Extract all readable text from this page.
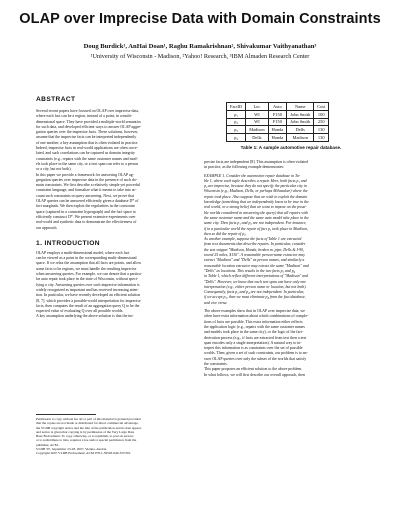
OLAP over Imprecise Data with Domain Constraints
Doug Burdick¹, AnHai Doan¹, Raghu Ramakrishnan², Shivakumar Vaithyanathan³
¹University of Wisconsin - Madison, ²Yahoo! Research, ³IBM Almaden Research Center
ABSTRACT
Several recent papers have focused on OLAP over imprecise data,
where each fact can be a region, instead of a point, in a multi-
dimensional space. They have provided a multiple-world semantics
for such data, and developed efficient ways to answer OLAP aggre-
gation queries over the imprecise facts. These solutions, however,
assume that the imprecise facts can be interpreted independently
of one another, a key assumption that is often violated in practice.
Indeed, imprecise facts in real-world applications are often corre-
lated, and such correlations can be captured as domain integrity
constraints (e.g., repairs with the same customer names and mod-
els took place in the same city, or a text span can refer to a person
or a city, but not both).
In this paper we provide a framework for answering OLAP ag-
gregation queries over imprecise data in the presence of such do-
main constraints. We first describe a relatively simple yet powerful
constraint language, and formalize what it means to take into ac-
count such constraints in query answering. Next, we prove that
OLAP queries can be answered efficiently given a database D* of
fact marginals. We then exploit the regularities in the constraint
space (captured in a constraint hypergraph) and the fact space to
efficiently construct D*. We present extensive experiments over
real-world and synthetic data to demonstrate the effectiveness of
our approach.
1. INTRODUCTION
OLAP employs a multi-dimensional model, where each fact
can be viewed as a point in the corresponding multi-dimensional
space. If we relax the assumption that all facts are points, and allow
some facts to be regions, we must handle the resulting imprecise
when answering queries. For example, we can denote that a particu-
lar auto repair took place in the state of Wisconsin, without speci-
fying a city. Answering queries over such imprecise information is
widely recognized as important and has received increasing atten-
tion. In particular, we have recently developed an efficient solution
[8, 7], which provides a possible-world interpretation for imprecise
facts, then computes the result of an aggregation query Q to be the
expected value of evaluating Q over all possible worlds.
A key assumption underlying the above solution is that the im-
Permission to copy without fee all or part of this material is granted provided
that the copies are not made or distributed for direct commercial advantage,
the VLDB copyright notice and the title of the publication and its date appear,
and notice is given that copying is by permission of the Very Large Data
Base Endowment. To copy otherwise, or to republish, to post on servers
or to redistribute to lists, requires a fee and/or special permission from the
publisher, ACM.
VLDB '07, September 23-28, 2007, Vienna, Austria.
Copyright 2007 VLDB Endowment, ACM 978-1-59593-649-3/07/09.
FactID	Loc	Auto	Name	Cost
p₁	WI	F150	John Smith	100
p₂	WI	F150	John Smith	250
p₃	Madison	Honda	Dells	130
p₄	Dells	Honda	Madison	130
Table 1: A sample automotive repair database.
precise facts are independent [8]. This assumption is often violated
in practice, as the following example demonstrates:
EXAMPLE 1. Consider the automotive repair database in Ta-
ble 1, where each tuple describes a repair. Here, both facts p₁ and
p₂ are imprecise, because they do not specify the particular city in
Wisconsin (e.g., Madison, Dells, or perhaps Milwaukee) where the
repair took place. Also suppose that we wish to exploit the domain
knowledge (something that we independently know to be true in the
real world, or a strong belief that we want to impose on the possi-
ble worlds considered in answering the query) that all repairs with
the same customer name and the same auto model take place in the
same city. Then facts p₁ and p₂ are not independent. For instance,
if in a particular world the repair of fact p₁ took place in Madison,
then so did the repair of p₂.
As another example, suppose the facts of Table 1 are extracted
from text documents that describe repairs. In particular, consider
the text snippet "Madison, Honda, broken m. pipe, Dells & I-90,
towed 25 miles, $130". A reasonable person-name extractor may
extract "Madison" and "Dells" as person names, and similarly a
reasonable location extractor may extract the same "Madison" and
"Dells" as locations. This results in the two facts p₃ and p₄
in Table 1, which reflect different interpretations of "Madison" and
"Dells". However, we know that each text span can have only one
interpretation (e.g., either person name or location, but not both).
Consequently, facts p₃ and p₄ are not independent. In particular,
if we accept p₃, then we must eliminate p₄ from the fact database,
and vice versa.
The above examples show that in OLAP over imprecise data, we
often have extra information about which combinations of comple-
tions of facts are possible. This extra information either reflects
the application logic (e.g., repairs with the same customer names
and models took place in the same city), or the logic of the fact-
derivation process (e.g., if facts are extracted from text then a text
span encodes only a single interpretation). A natural way to in-
terpret this information is as constraints over the set of possible
worlds. Then, given a set of such constraints, our problem is to an-
swer OLAP queries over only the subset of the worlds that satisfy
the constraints.
This paper proposes an efficient solution to the above problem.
In what follows, we will first describe our overall approach, then
